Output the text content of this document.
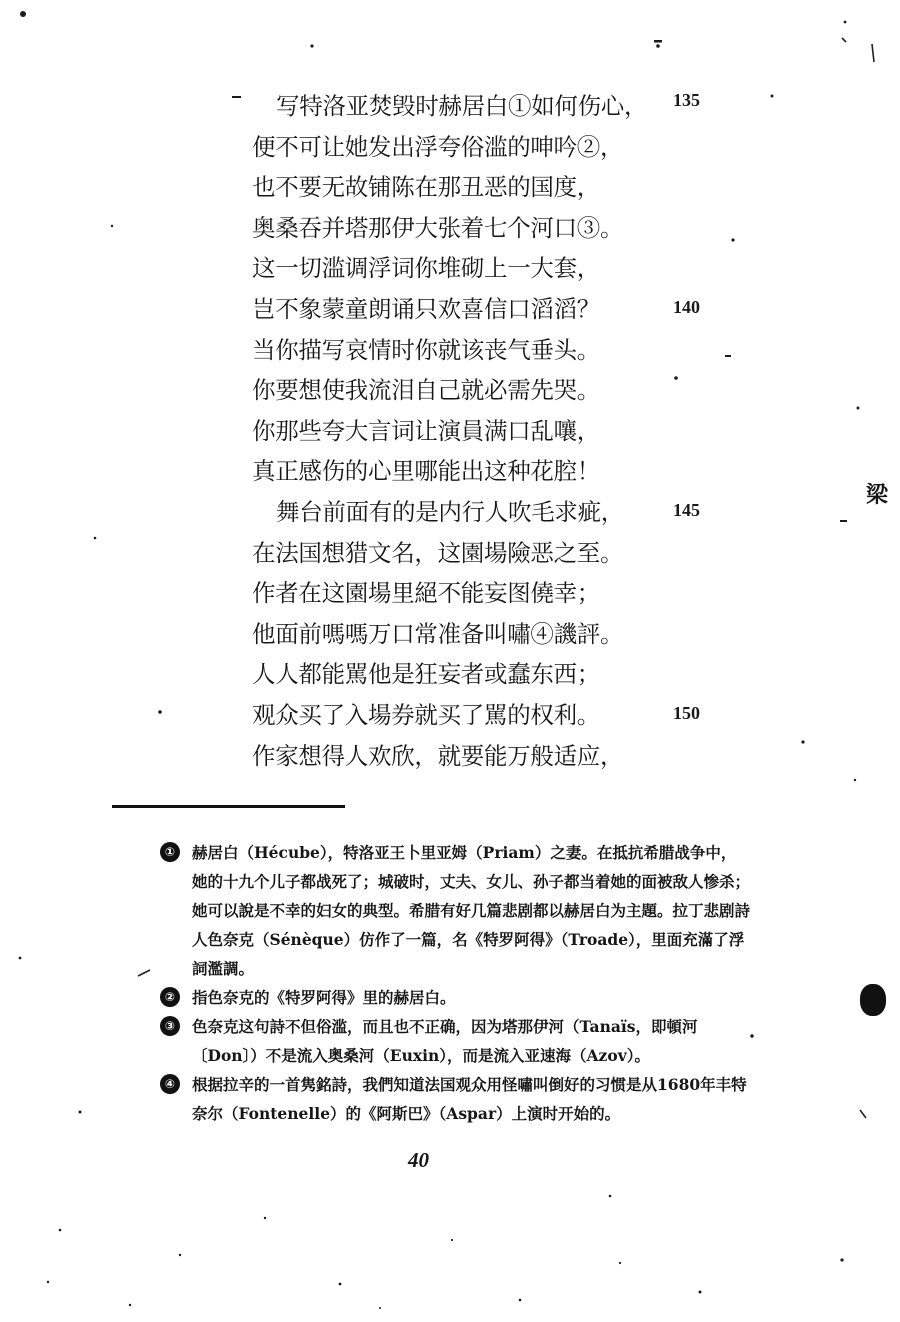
写特洛亚焚毁时赫居白①如何伤心，
便不可让她发出浮夸俗滥的呻吟②，
也不要无故铺陈在那丑恶的国度，
奥桑吞并塔那伊大张着七个河口③。
这一切滥调浮词你堆砌上一大套，
岂不象蒙童朗诵只欢喜信口滔滔？
当你描写哀情时你就该丧气垂头。
你要想使我流泪自己就必需先哭。
你那些夸大言词让演員满口乱嚷，
真正感伤的心里哪能出这种花腔！
舞台前面有的是内行人吹毛求疵，
在法国想猎文名，这園場險恶之至。
作者在这園場里絕不能妄图僥幸；
他面前嗎嗎万口常准备叫嘯④譏評。
人人都能駡他是狂妄者或蠢东西；
观众买了入場券就买了駡的权利。
作家想得人欢欣，就要能万般适应，
135
140
145
150
①	赫居白（Hécube），特洛亚王卜里亚姆（Priam）之妻。在抵抗希腊战争中，她的十九个儿子都战死了；城破时，丈夫、女儿、孙子都当着她的面被敌人惨杀；她可以說是不幸的妇女的典型。希腊有好几篇悲剧都以赫居白为主題。拉丁悲剧詩人色奈克（Sénèque）仿作了一篇，名《特罗阿得》（Troade），里面充滿了浮詞濫調。
②	指色奈克的《特罗阿得》里的赫居白。
③	色奈克这句詩不但俗滥，而且也不正确，因为塔那伊河（Tanaïs，即頓河〔Don〕）不是流入奥桑河（Euxin），而是流入亚速海（Azov）。
④	根据拉辛的一首隽銘詩，我們知道法国观众用怪嘯叫倒好的习惯是从1680年丰特奈尔（Fontenelle）的《阿斯巴》（Aspar）上演时开始的。
40
梁
